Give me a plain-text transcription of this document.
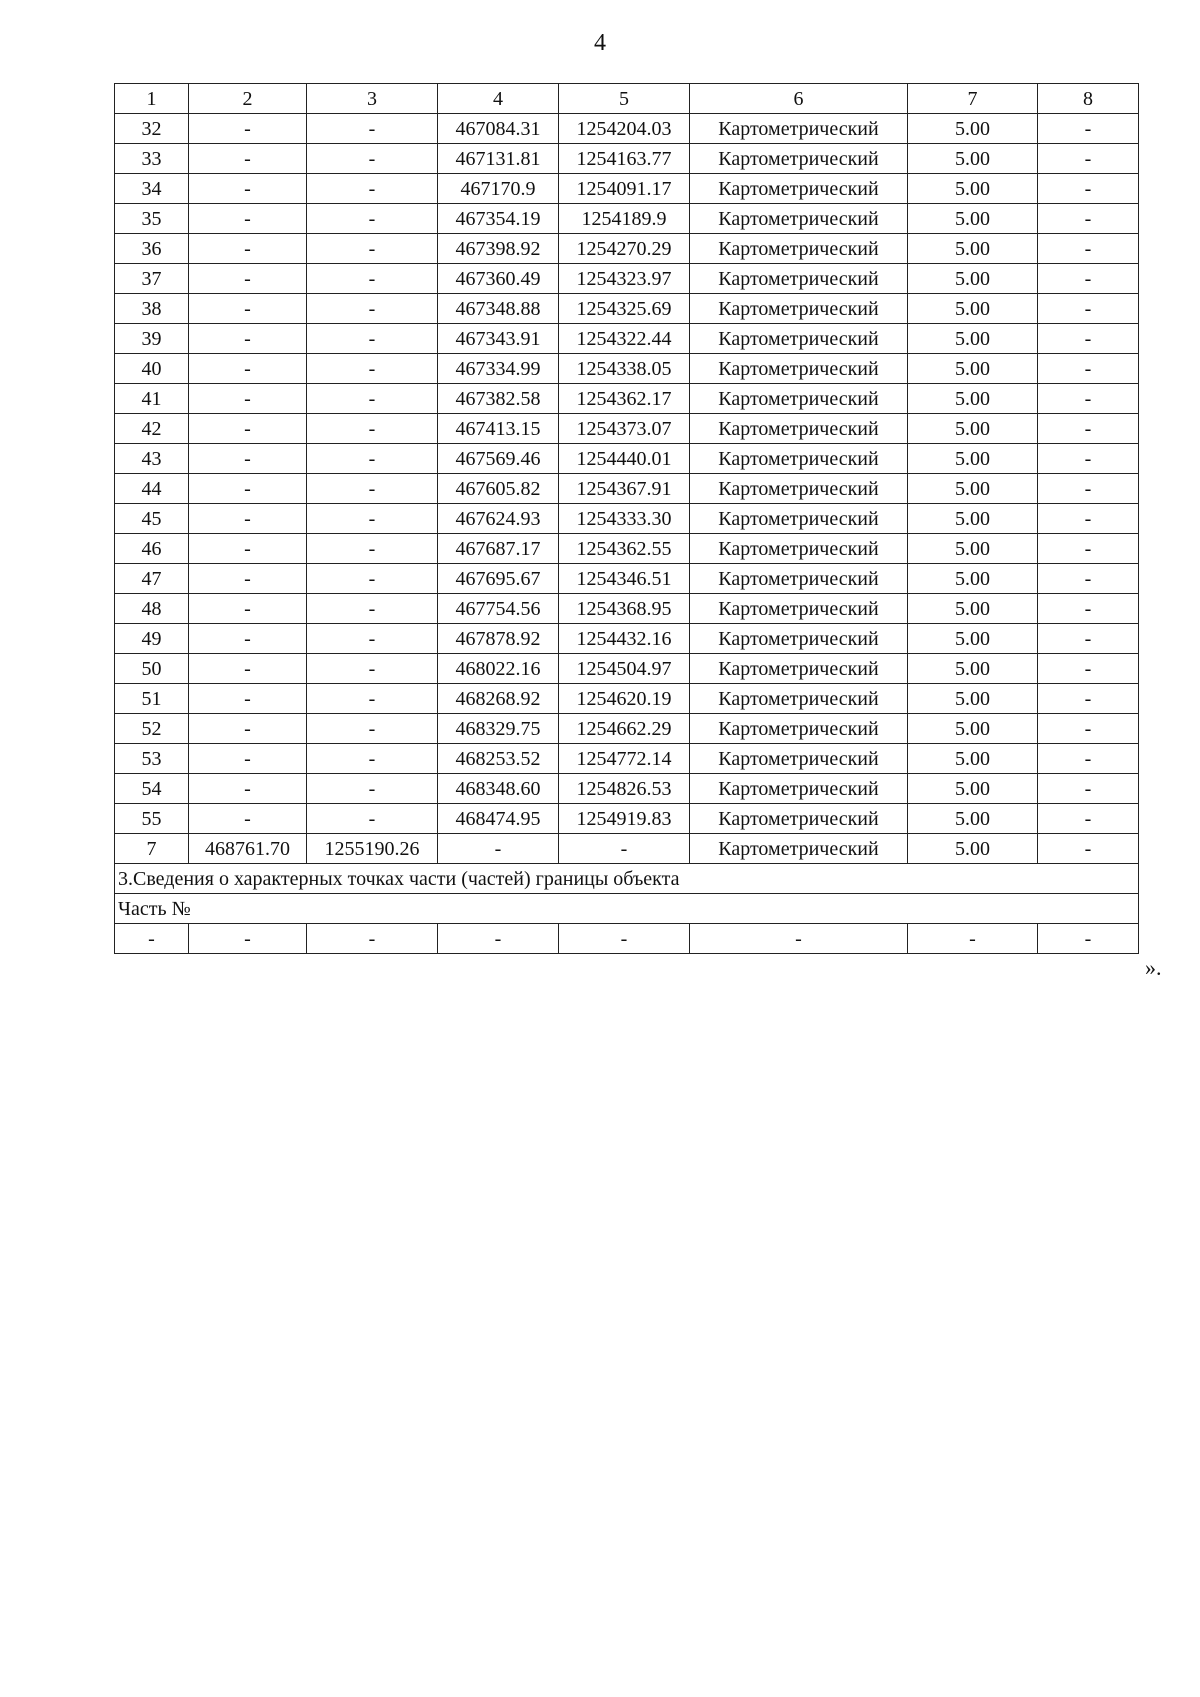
4
1	2	3	4	5	6	7	8
32	-	-	467084.31	1254204.03	Картометрический	5.00	-
33	-	-	467131.81	1254163.77	Картометрический	5.00	-
34	-	-	467170.9	1254091.17	Картометрический	5.00	-
35	-	-	467354.19	1254189.9	Картометрический	5.00	-
36	-	-	467398.92	1254270.29	Картометрический	5.00	-
37	-	-	467360.49	1254323.97	Картометрический	5.00	-
38	-	-	467348.88	1254325.69	Картометрический	5.00	-
39	-	-	467343.91	1254322.44	Картометрический	5.00	-
40	-	-	467334.99	1254338.05	Картометрический	5.00	-
41	-	-	467382.58	1254362.17	Картометрический	5.00	-
42	-	-	467413.15	1254373.07	Картометрический	5.00	-
43	-	-	467569.46	1254440.01	Картометрический	5.00	-
44	-	-	467605.82	1254367.91	Картометрический	5.00	-
45	-	-	467624.93	1254333.30	Картометрический	5.00	-
46	-	-	467687.17	1254362.55	Картометрический	5.00	-
47	-	-	467695.67	1254346.51	Картометрический	5.00	-
48	-	-	467754.56	1254368.95	Картометрический	5.00	-
49	-	-	467878.92	1254432.16	Картометрический	5.00	-
50	-	-	468022.16	1254504.97	Картометрический	5.00	-
51	-	-	468268.92	1254620.19	Картометрический	5.00	-
52	-	-	468329.75	1254662.29	Картометрический	5.00	-
53	-	-	468253.52	1254772.14	Картометрический	5.00	-
54	-	-	468348.60	1254826.53	Картометрический	5.00	-
55	-	-	468474.95	1254919.83	Картометрический	5.00	-
7	468761.70	1255190.26	-	-	Картометрический	5.00	-
3.Сведения о характерных точках части (частей) границы объекта							
Часть №							
-	-	-	-	-	-	-	-
».
